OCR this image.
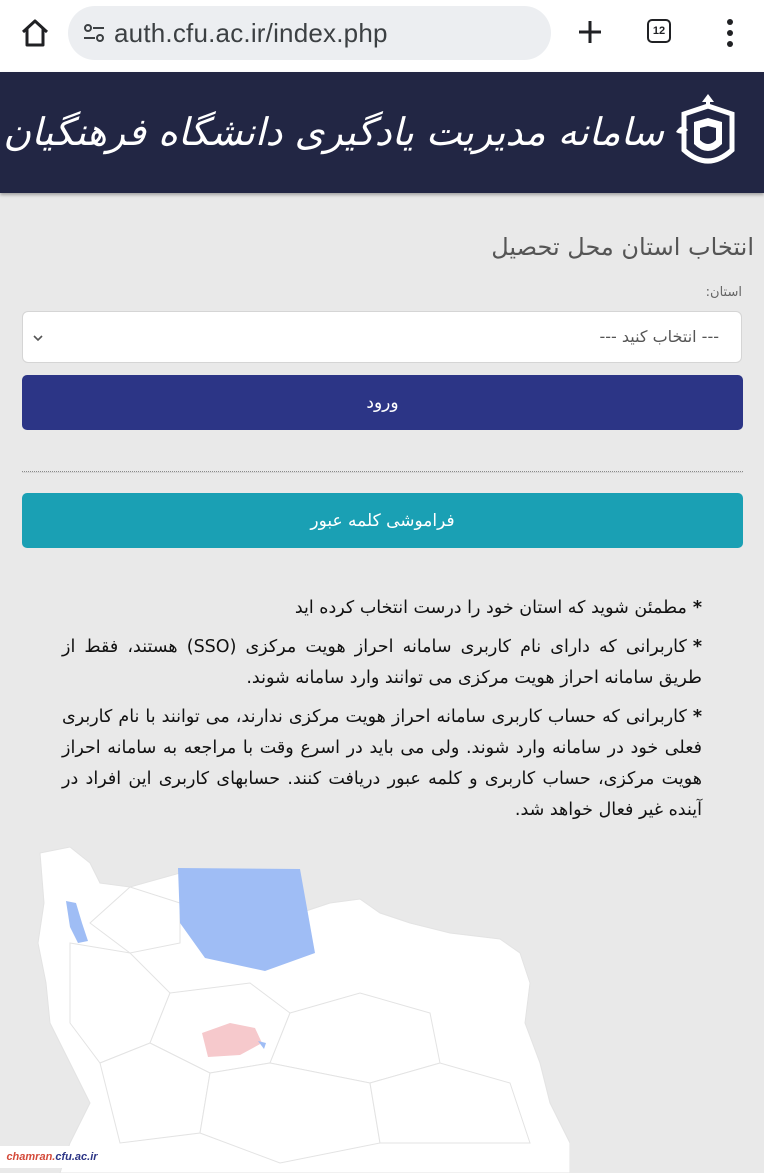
auth.cfu.ac.ir/index.php	12
سامانه مدیریت یادگیری دانشگاه فرهنگیان
انتخاب استان محل تحصیل
استان:
--- انتخاب کنید ---
ورود
فراموشی کلمه عبور

*مطمئن شوید که استان خود را درست انتخاب کرده اید

*کاربرانی که دارای نام کاربری سامانه احراز هویت مرکزی (SSO) هستند، فقط از طریق سامانه احراز هویت مرکزی می توانند وارد سامانه شوند.

*کاربرانی که حساب کاربری سامانه احراز هویت مرکزی ندارند، می توانند با نام کاربری فعلی خود در سامانه وارد شوند. ولی می باید در اسرع وقت با مراجعه به سامانه احراز هویت مرکزی، حساب کاربری و کلمه عبور دریافت کنند. حسابهای کاربری این افراد در آینده غیر فعال خواهد شد.

chamran. cfu.ac.ir
